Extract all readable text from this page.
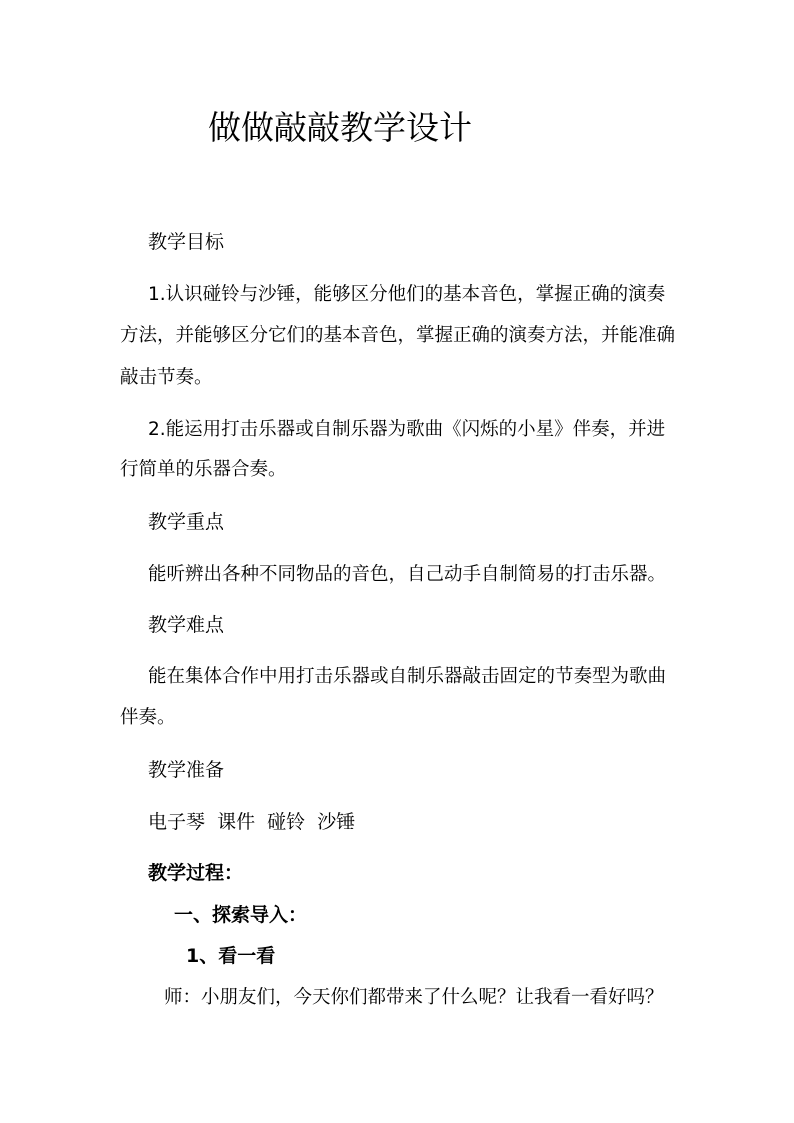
做做敲敲教学设计
教学目标
1.认识碰铃与沙锤，能够区分他们的基本音色，掌握正确的演奏
方法，并能够区分它们的基本音色，掌握正确的演奏方法，并能准确
敲击节奏。
2.能运用打击乐器或自制乐器为歌曲《闪烁的小星》伴奏，并进
行简单的乐器合奏。
教学重点
能听辨出各种不同物品的音色，自己动手自制简易的打击乐器。
教学难点
能在集体合作中用打击乐器或自制乐器敲击固定的节奏型为歌曲
伴奏。
教学准备
电子琴  课件  碰铃  沙锤
教学过程：
一、探索导入：
1、看一看
师：小朋友们，今天你们都带来了什么呢？让我看一看好吗？
